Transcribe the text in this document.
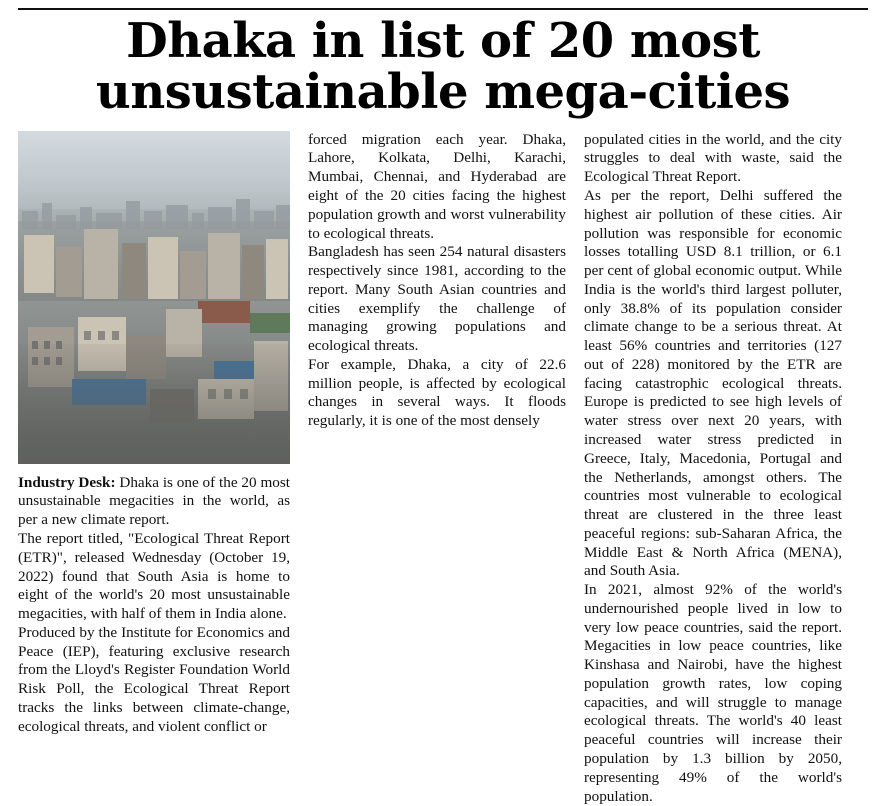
Dhaka in list of 20 most
unsustainable mega-cities

Industry Desk: Dhaka is one of the 20 most unsustainable megacities in the world, as per a new climate report.

The report titled, "Ecological Threat Report (ETR)", released Wednesday (October 19, 2022) found that South Asia is home to eight of the world's 20 most unsustainable megacities, with half of them in India alone.

Produced by the Institute for Economics and Peace (IEP), featuring exclusive research from the Lloyd's Register Foundation World Risk Poll, the Ecological Threat Report tracks the links between climate-change, ecological threats, and violent conflict or

forced migration each year. Dhaka, Lahore, Kolkata, Delhi, Karachi, Mumbai, Chennai, and Hyderabad are eight of the 20 cities facing the highest population growth and worst vulnerability to ecological threats.

Bangladesh has seen 254 natural disasters respectively since 1981, according to the report. Many South Asian countries and cities exemplify the challenge of managing growing populations and ecological threats.

For example, Dhaka, a city of 22.6 million people, is affected by ecological changes in several ways. It floods regularly, it is one of the most densely

populated cities in the world, and the city struggles to deal with waste, said the Ecological Threat Report.

As per the report, Delhi suffered the highest air pollution of these cities. Air pollution was responsible for economic losses totalling USD 8.1 trillion, or 6.1 per cent of global economic output. While India is the world's third largest polluter, only 38.8% of its population consider climate change to be a serious threat. At least 56% countries and territories (127 out of 228) monitored by the ETR are facing catastrophic ecological threats. Europe is predicted to see high levels of water stress over next 20 years, with increased water stress predicted in Greece, Italy, Macedonia, Portugal and the Netherlands, amongst others. The countries most vulnerable to ecological threat are clustered in the three least peaceful regions: sub-Saharan Africa, the Middle East & North Africa (MENA), and South Asia.

In 2021, almost 92% of the world's undernourished people lived in low to very low peace countries, said the report. Megacities in low peace countries, like Kinshasa and Nairobi, have the highest population growth rates, low coping capacities, and will struggle to manage ecological threats. The world's 40 least peaceful countries will increase their population by 1.3 billion by 2050, representing 49% of the world's population.
